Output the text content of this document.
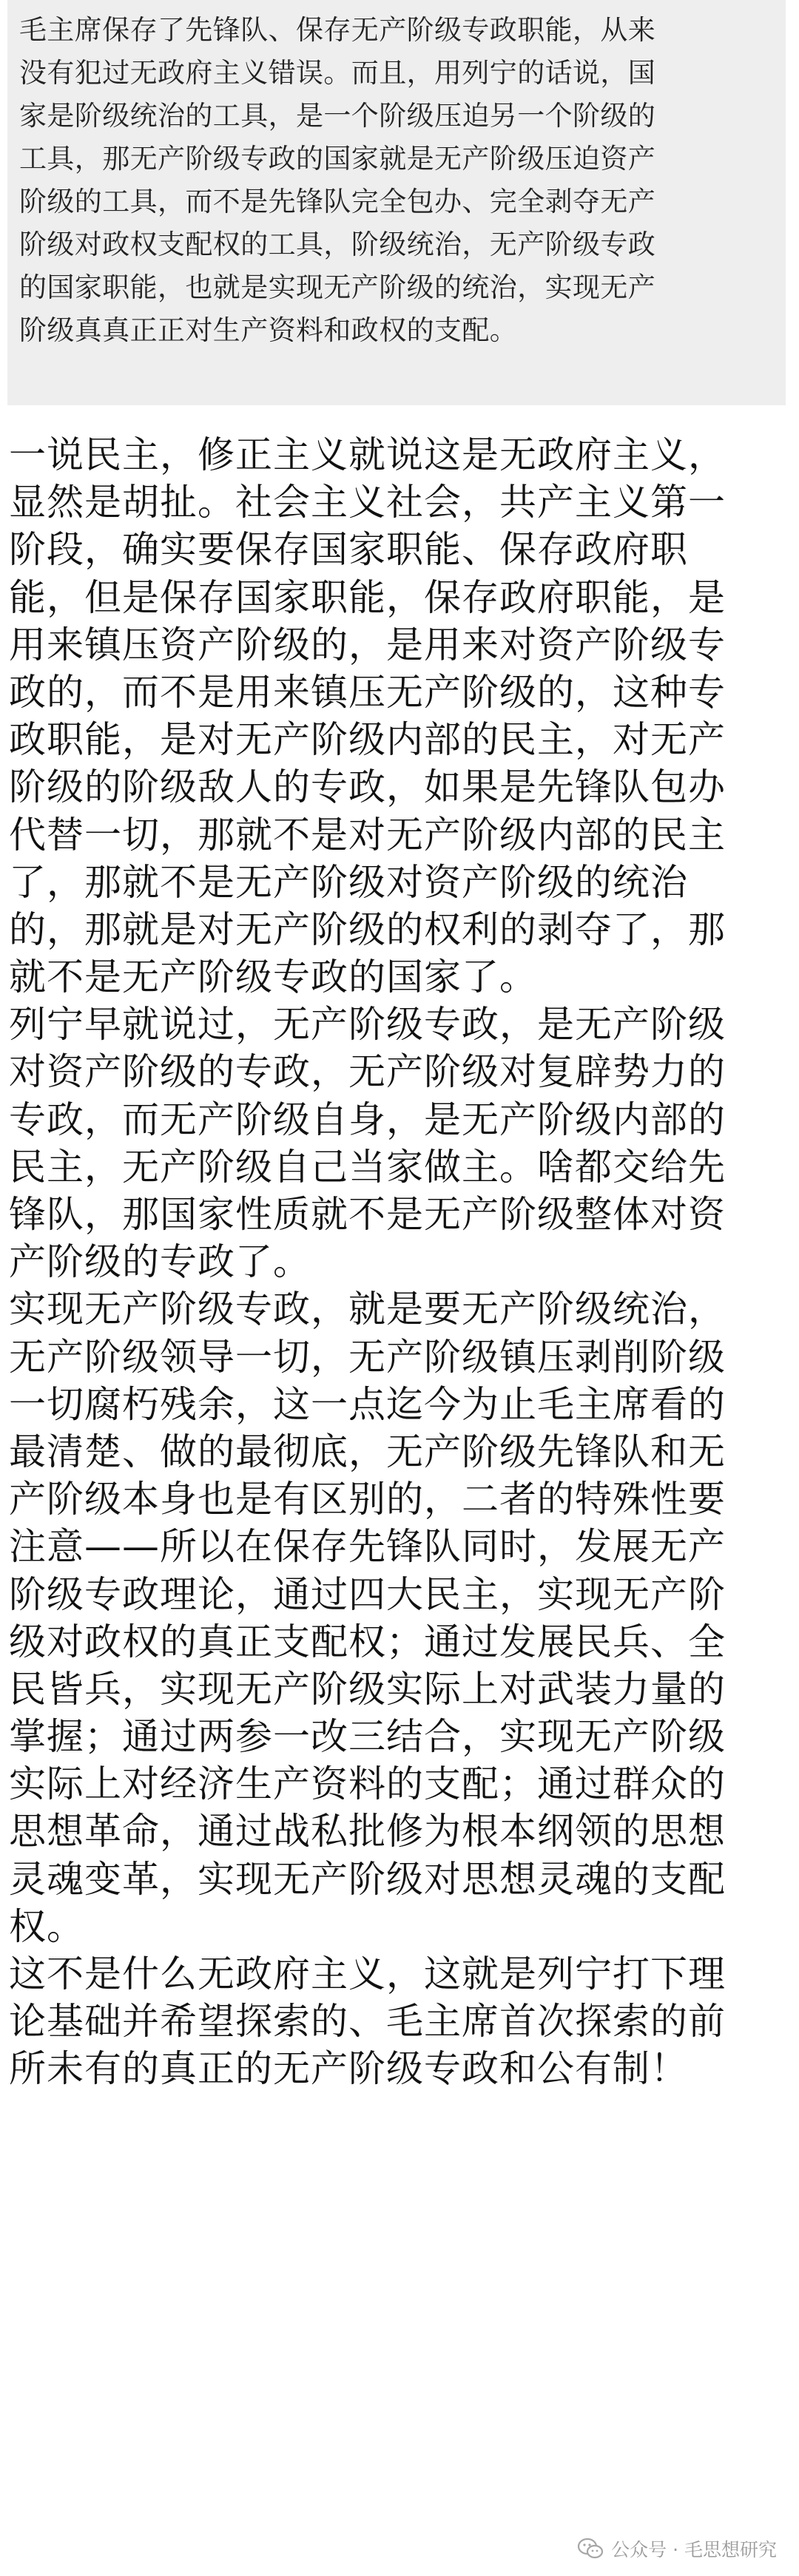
毛主席保存了先锋队、保存无产阶级专政职能，从来
没有犯过无政府主义错误。而且，用列宁的话说，国
家是阶级统治的工具，是一个阶级压迫另一个阶级的
工具，那无产阶级专政的国家就是无产阶级压迫资产
阶级的工具，而不是先锋队完全包办、完全剥夺无产
阶级对政权支配权的工具，阶级统治，无产阶级专政
的国家职能，也就是实现无产阶级的统治，实现无产
阶级真真正正对生产资料和政权的支配。
一说民主，修正主义就说这是无政府主义，
显然是胡扯。社会主义社会，共产主义第一
阶段，确实要保存国家职能、保存政府职
能，但是保存国家职能，保存政府职能，是
用来镇压资产阶级的，是用来对资产阶级专
政的，而不是用来镇压无产阶级的，这种专
政职能，是对无产阶级内部的民主，对无产
阶级的阶级敌人的专政，如果是先锋队包办
代替一切，那就不是对无产阶级内部的民主
了，那就不是无产阶级对资产阶级的统治
的，那就是对无产阶级的权利的剥夺了，那
就不是无产阶级专政的国家了。
列宁早就说过，无产阶级专政，是无产阶级
对资产阶级的专政，无产阶级对复辟势力的
专政，而无产阶级自身，是无产阶级内部的
民主，无产阶级自己当家做主。啥都交给先
锋队，那国家性质就不是无产阶级整体对资
产阶级的专政了。
实现无产阶级专政，就是要无产阶级统治，
无产阶级领导一切，无产阶级镇压剥削阶级
一切腐朽残余，这一点迄今为止毛主席看的
最清楚、做的最彻底，无产阶级先锋队和无
产阶级本身也是有区别的，二者的特殊性要
注意——所以在保存先锋队同时，发展无产
阶级专政理论，通过四大民主，实现无产阶
级对政权的真正支配权；通过发展民兵、全
民皆兵，实现无产阶级实际上对武装力量的
掌握；通过两参一改三结合，实现无产阶级
实际上对经济生产资料的支配；通过群众的
思想革命，通过战私批修为根本纲领的思想
灵魂变革，实现无产阶级对思想灵魂的支配
权。
这不是什么无政府主义，这就是列宁打下理
论基础并希望探索的、毛主席首次探索的前
所未有的真正的无产阶级专政和公有制！
公众号 · 毛思想研究
